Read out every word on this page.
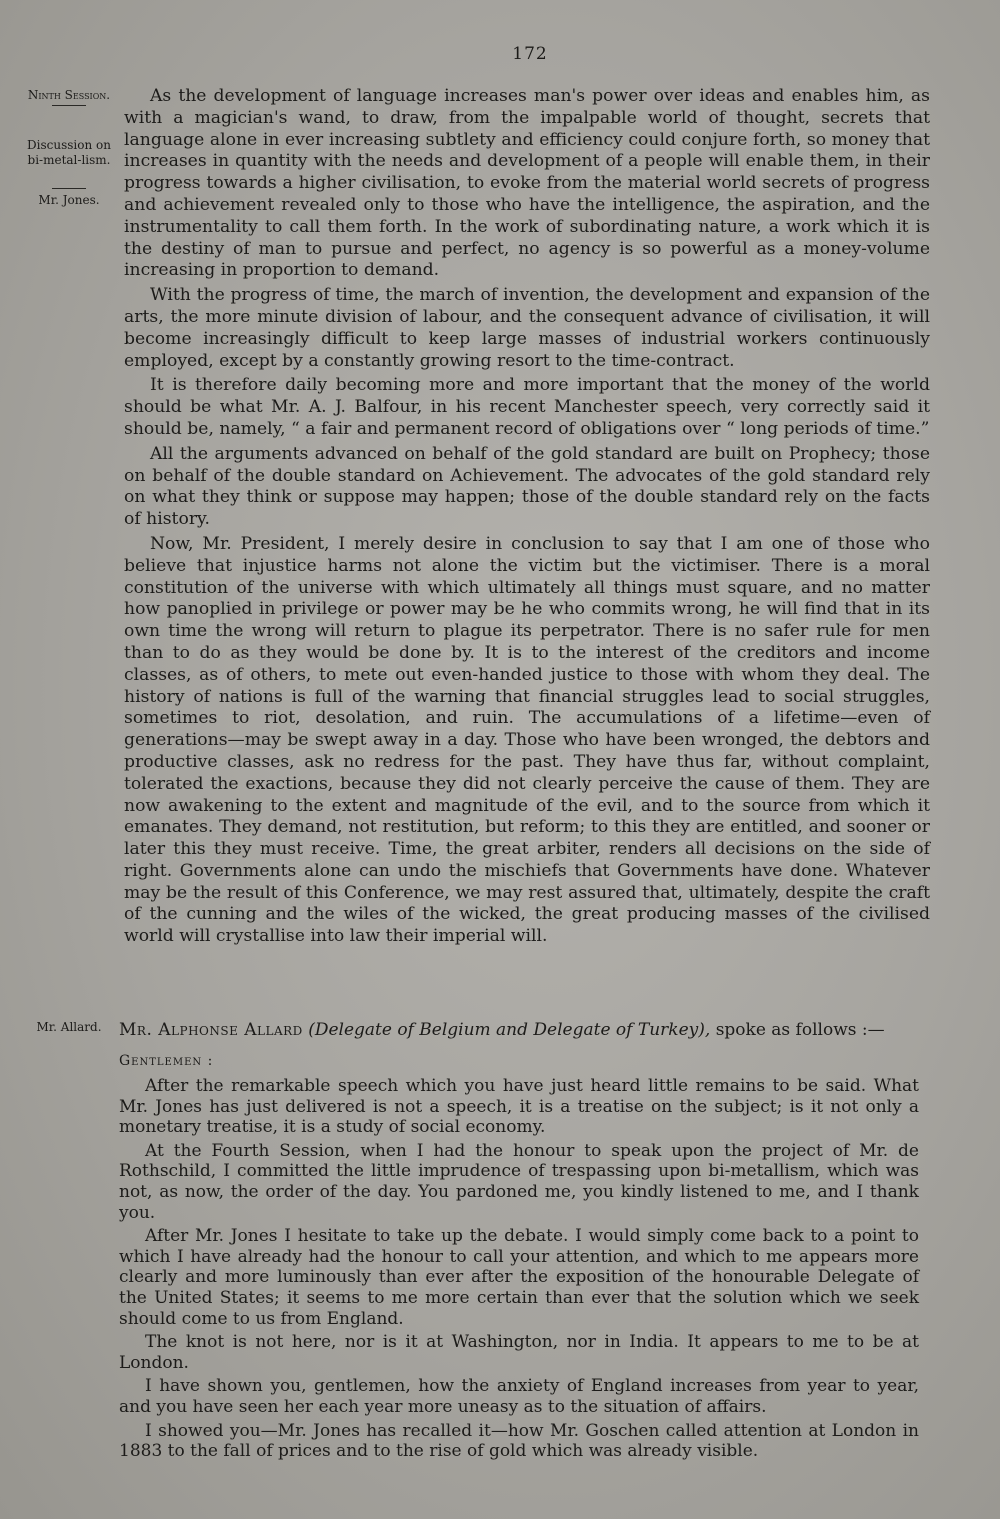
172
Ninth Session.
Discussion on bi-metal-lism.
Mr. Jones.
Mr. Allard.

As the development of language increases man's power over ideas and enables him, as with a magician's wand, to draw, from the impalpable world of thought, secrets that language alone in ever increasing subtlety and efficiency could conjure forth, so money that increases in quantity with the needs and development of a people will enable them, in their progress towards a higher civilisation, to evoke from the material world secrets of progress and achievement revealed only to those who have the intelligence, the aspiration, and the instrumentality to call them forth. In the work of subordinating nature, a work which it is the destiny of man to pursue and perfect, no agency is so powerful as a money-volume increasing in proportion to demand.

With the progress of time, the march of invention, the development and expansion of the arts, the more minute division of labour, and the consequent advance of civilisation, it will become increasingly difficult to keep large masses of industrial workers continuously employed, except by a constantly growing resort to the time-contract.

It is therefore daily becoming more and more important that the money of the world should be what Mr. A. J. Balfour, in his recent Manchester speech, very correctly said it should be, namely, “ a fair and permanent record of obligations over “ long periods of time.”

All the arguments advanced on behalf of the gold standard are built on Prophecy; those on behalf of the double standard on Achievement. The advocates of the gold standard rely on what they think or suppose may happen; those of the double standard rely on the facts of history.

Now, Mr. President, I merely desire in conclusion to say that I am one of those who believe that injustice harms not alone the victim but the victimiser. There is a moral constitution of the universe with which ultimately all things must square, and no matter how panoplied in privilege or power may be he who commits wrong, he will find that in its own time the wrong will return to plague its perpetrator. There is no safer rule for men than to do as they would be done by. It is to the interest of the creditors and income classes, as of others, to mete out even-handed justice to those with whom they deal. The history of nations is full of the warning that financial struggles lead to social struggles, sometimes to riot, desolation, and ruin. The accumulations of a lifetime—even of generations—may be swept away in a day. Those who have been wronged, the debtors and productive classes, ask no redress for the past. They have thus far, without complaint, tolerated the exactions, because they did not clearly perceive the cause of them. They are now awakening to the extent and magnitude of the evil, and to the source from which it emanates. They demand, not restitution, but reform; to this they are entitled, and sooner or later this they must receive. Time, the great arbiter, renders all decisions on the side of right. Governments alone can undo the mischiefs that Governments have done. Whatever may be the result of this Conference, we may rest assured that, ultimately, despite the craft of the cunning and the wiles of the wicked, the great producing masses of the civilised world will crystallise into law their imperial will.

Mr. Alphonse Allard (Delegate of Belgium and Delegate of Turkey), spoke as follows :—
Gentlemen :

After the remarkable speech which you have just heard little remains to be said. What Mr. Jones has just delivered is not a speech, it is a treatise on the subject; is it not only a monetary treatise, it is a study of social economy.

At the Fourth Session, when I had the honour to speak upon the project of Mr. de Rothschild, I committed the little imprudence of trespassing upon bi-metallism, which was not, as now, the order of the day. You pardoned me, you kindly listened to me, and I thank you.

After Mr. Jones I hesitate to take up the debate. I would simply come back to a point to which I have already had the honour to call your attention, and which to me appears more clearly and more luminously than ever after the exposition of the honourable Delegate of the United States; it seems to me more certain than ever that the solution which we seek should come to us from England.

The knot is not here, nor is it at Washington, nor in India. It appears to me to be at London.

I have shown you, gentlemen, how the anxiety of England increases from year to year, and you have seen her each year more uneasy as to the situation of affairs.

I showed you—Mr. Jones has recalled it—how Mr. Goschen called attention at London in 1883 to the fall of prices and to the rise of gold which was already visible.
